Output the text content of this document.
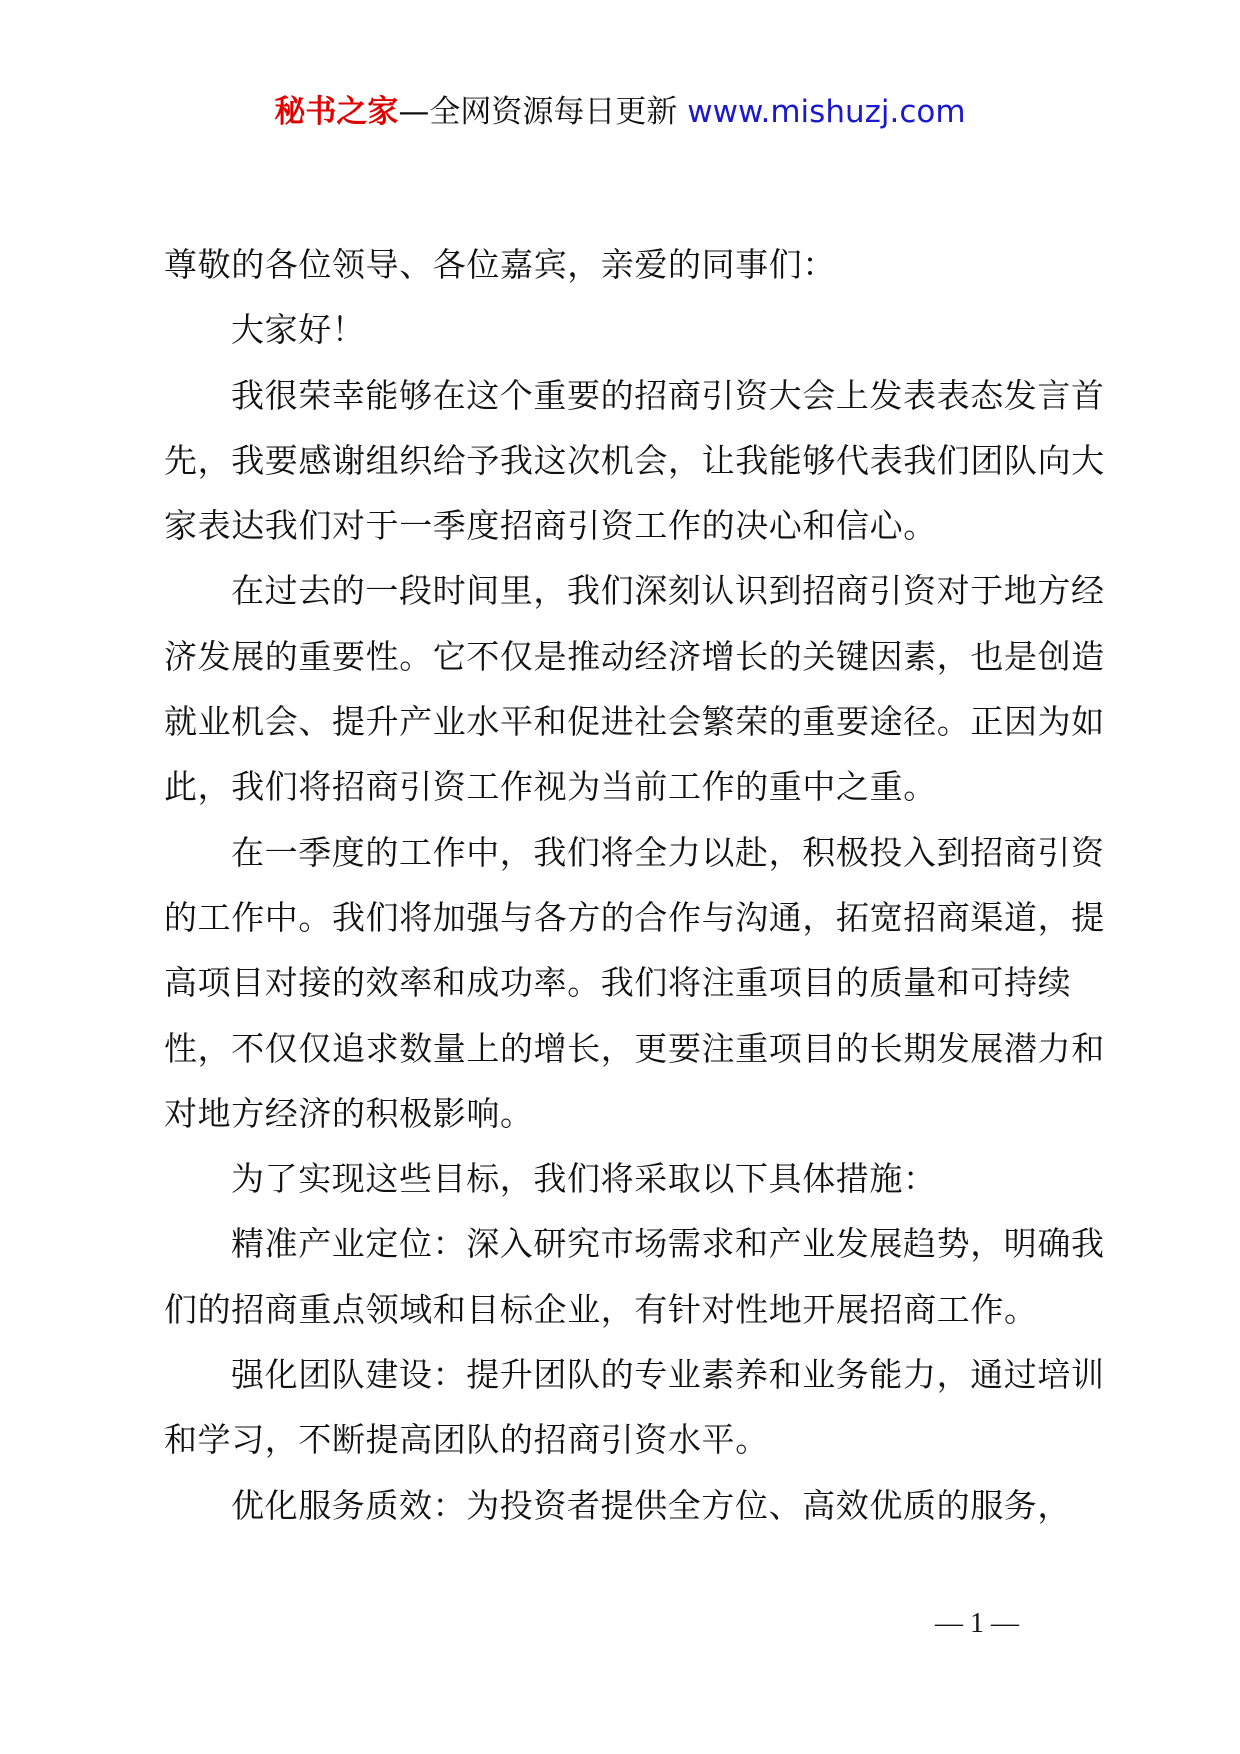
秘书之家—全网资源每日更新 www.mishuzj.com

尊敬的各位领导、各位嘉宾，亲爱的同事们：

大家好！

我很荣幸能够在这个重要的招商引资大会上发表表态发言首先，我要感谢组织给予我这次机会，让我能够代表我们团队向大家表达我们对于一季度招商引资工作的决心和信心。

在过去的一段时间里，我们深刻认识到招商引资对于地方经济发展的重要性。它不仅是推动经济增长的关键因素，也是创造就业机会、提升产业水平和促进社会繁荣的重要途径。正因为如此，我们将招商引资工作视为当前工作的重中之重。

在一季度的工作中，我们将全力以赴，积极投入到招商引资的工作中。我们将加强与各方的合作与沟通，拓宽招商渠道，提高项目对接的效率和成功率。我们将注重项目的质量和可持续性，不仅仅追求数量上的增长，更要注重项目的长期发展潜力和对地方经济的积极影响。

为了实现这些目标，我们将采取以下具体措施：

精准产业定位：深入研究市场需求和产业发展趋势，明确我们的招商重点领域和目标企业，有针对性地开展招商工作。

强化团队建设：提升团队的专业素养和业务能力，通过培训和学习，不断提高团队的招商引资水平。

优化服务质效：为投资者提供全方位、高效优质的服务，

— 1 —
